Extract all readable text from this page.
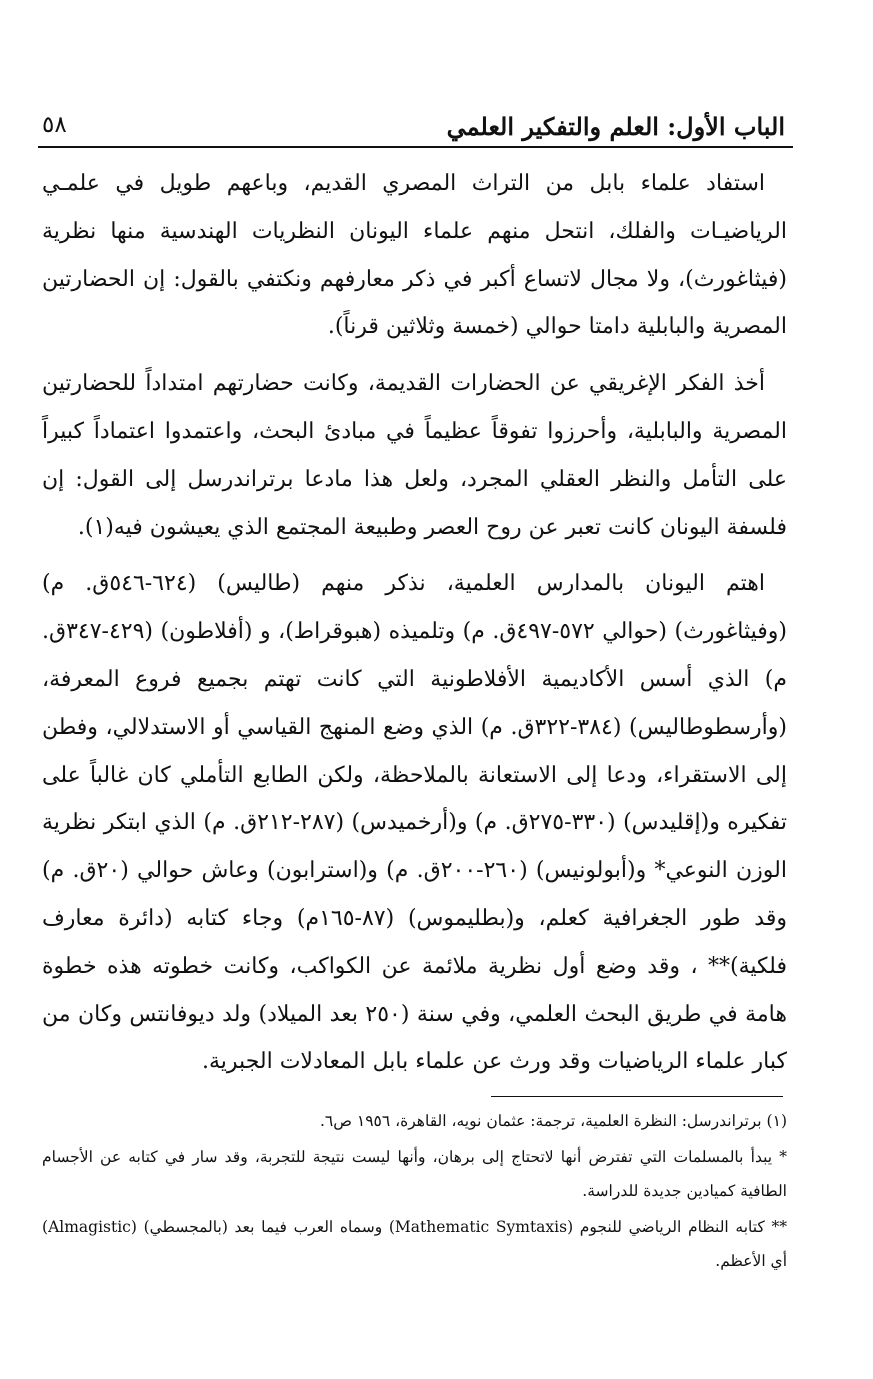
الباب الأول: العلم والتفكير العلمي
٥٨

استفاد علماء بابل من التراث المصري القديم، وباعهم طويل في علمـي الرياضيـات والفلك، انتحل منهم علماء اليونان النظريات الهندسية منها نظرية (فيثاغورث)، ولا مجال لاتساع أكبر في ذكر معارفهم ونكتفي بالقول: إن الحضارتين المصرية والبابلية دامتا حوالي (خمسة وثلاثين قرناً).

أخذ الفكر الإغريقي عن الحضارات القديمة، وكانت حضارتهم امتداداً للحضارتين المصرية والبابلية، وأحرزوا تفوقاً عظيماً في مبادئ البحث، واعتمدوا اعتماداً كبيراً على التأمل والنظر العقلي المجرد، ولعل هذا مادعا برتراندرسل إلى القول: إن فلسفة اليونان كانت تعبر عن روح العصر وطبيعة المجتمع الذي يعيشون فيه(١).

اهتم اليونان بالمدارس العلمية، نذكر منهم (طاليس) (٦٢٤-٥٤٦ق. م) (وفيثاغورث) (حوالي ٥٧٢-٤٩٧ق. م) وتلميذه (هبوقراط)، و (أفلاطون) (٤٢٩-٣٤٧ق. م) الذي أسس الأكاديمية الأفلاطونية التي كانت تهتم بجميع فروع المعرفة، (وأرسطوطاليس) (٣٨٤-٣٢٢ق. م) الذي وضع المنهج القياسي أو الاستدلالي، وفطن إلى الاستقراء، ودعا إلى الاستعانة بالملاحظة، ولكن الطابع التأملي كان غالباً على تفكيره و(إقليدس) (٣٣٠-٢٧٥ق. م) و(أرخميدس) (٢٨٧-٢١٢ق. م) الذي ابتكر نظرية الوزن النوعي* و(أبولونيس) (٢٦٠-٢٠٠ق. م) و(استرابون) وعاش حوالي (٢٠ق. م) وقد طور الجغرافية كعلم، و(بطليموس) (٨٧-١٦٥م) وجاء كتابه (دائرة معارف فلكية)** ، وقد وضع أول نظرية ملائمة عن الكواكب، وكانت خطوته هذه خطوة هامة في طريق البحث العلمي، وفي سنة (٢٥٠ بعد الميلاد) ولد ديوفانتس وكان من كبار علماء الرياضيات وقد ورث عن علماء بابل المعادلات الجبرية.

(١) برتراندرسل: النظرة العلمية، ترجمة: عثمان نويه، القاهرة، ١٩٥٦ ص٦.

* يبدأ بالمسلمات التي تفترض أنها لاتحتاج إلى برهان، وأنها ليست نتيجة للتجربة، وقد سار في كتابه عن الأجسام الطافية كميادين جديدة للدراسة.

** كتابه النظام الرياضي للنجوم (Mathematic Symtaxis) وسماه العرب فيما بعد (بالمجسطي) (Almagistic) أي الأعظم.
